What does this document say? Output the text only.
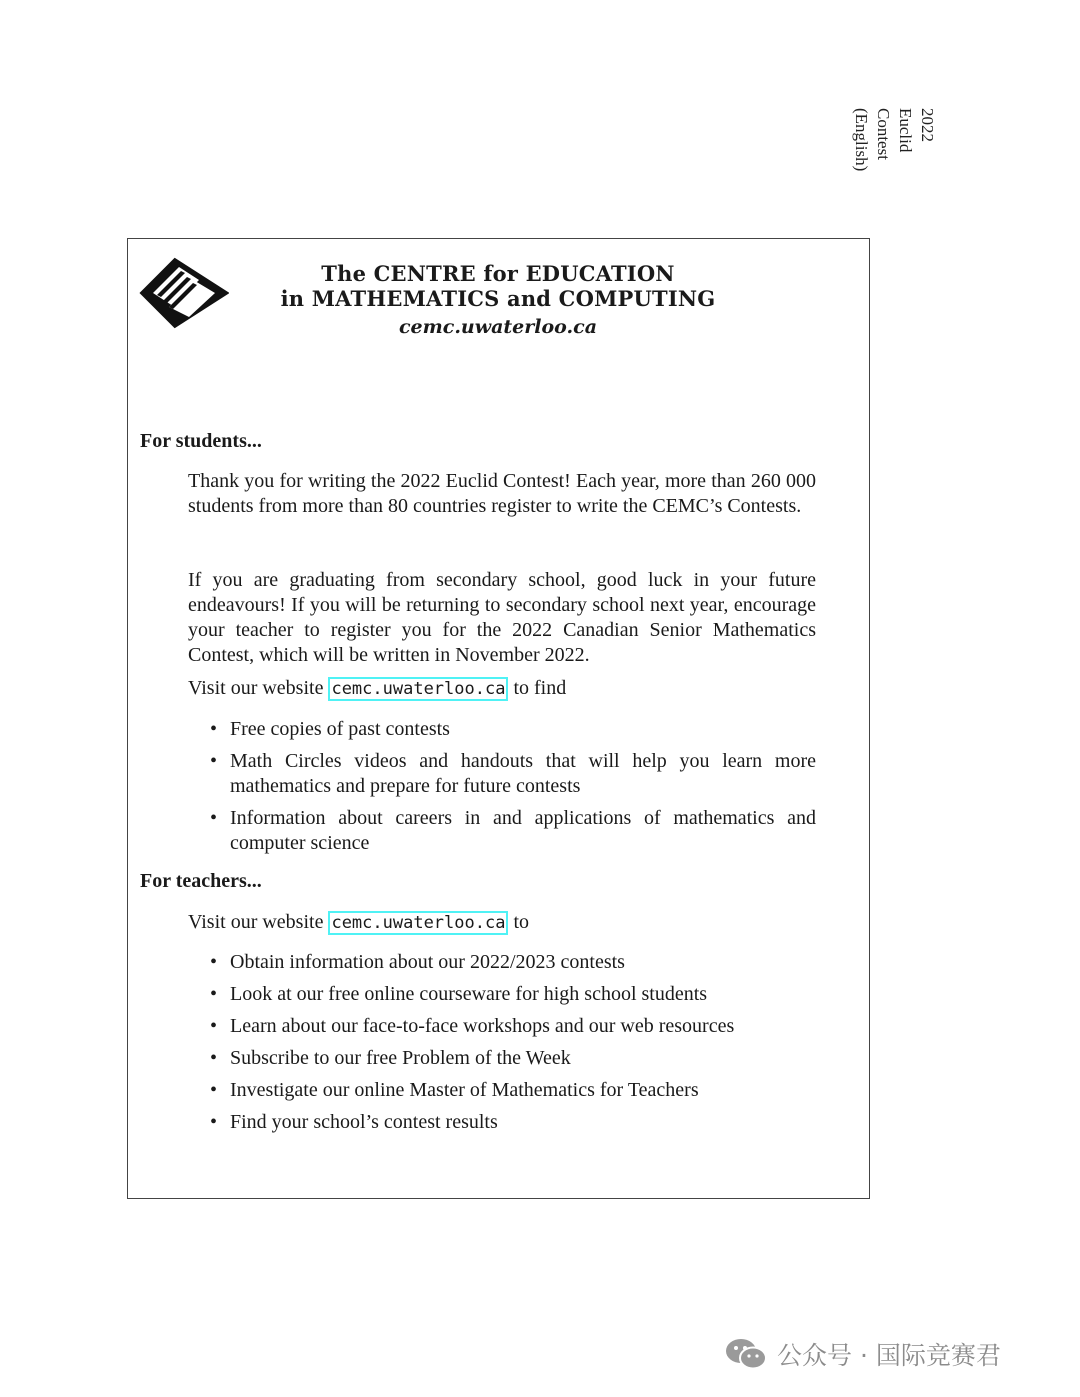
2022
Euclid
Contest
(English)
The CENTRE for EDUCATION
in MATHEMATICS and COMPUTING
cemc.uwaterloo.ca
For students...
Thank you for writing the 2022 Euclid Contest! Each year, more than 260 000 students from more than 80 countries register to write the CEMC’s Contests.
If you are graduating from secondary school, good luck in your future endeavours! If you will be returning to secondary school next year, encourage your teacher to register you for the 2022 Canadian Senior Mathematics Contest, which will be written in November 2022.
Visit our website cemc.uwaterloo.ca to find
• Free copies of past contests
• Math Circles videos and handouts that will help you learn more mathematics and prepare for future contests
• Information about careers in and applications of mathematics and computer science
For teachers...
Visit our website cemc.uwaterloo.ca to
• Obtain information about our 2022/2023 contests
• Look at our free online courseware for high school students
• Learn about our face-to-face workshops and our web resources
• Subscribe to our free Problem of the Week
• Investigate our online Master of Mathematics for Teachers
• Find your school’s contest results
公众号 · 国际竞赛君
